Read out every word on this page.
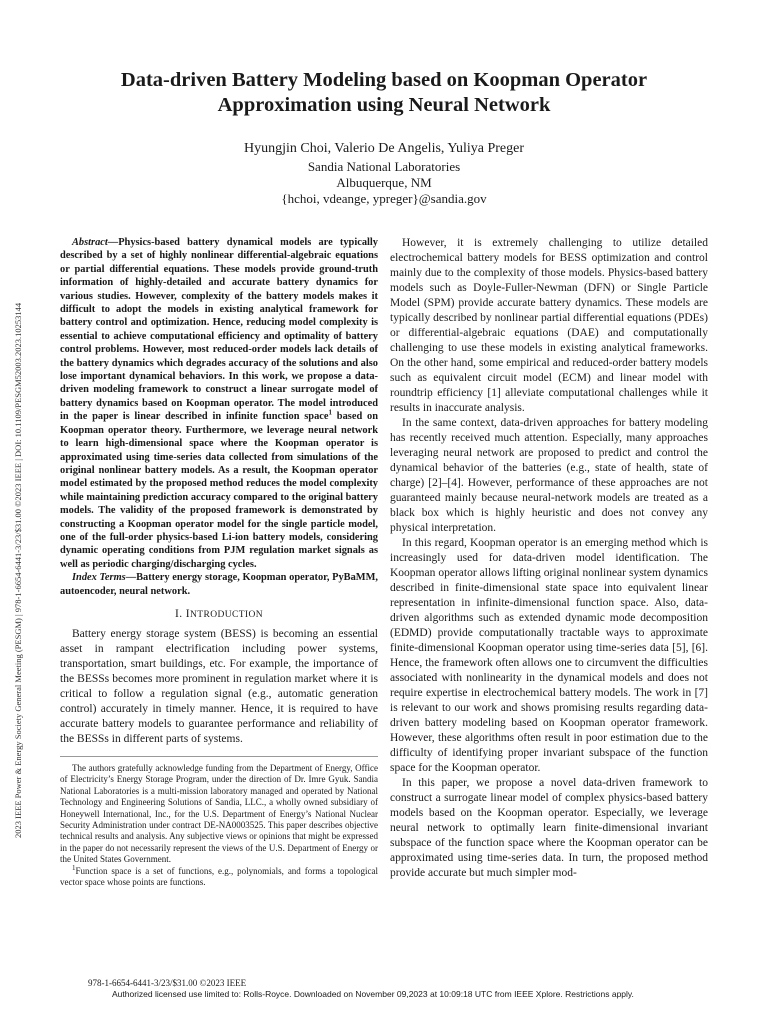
2023 IEEE Power & Energy Society General Meeting (PESGM) | 978-1-6654-6441-3/23/$31.00 ©2023 IEEE | DOI: 10.1109/PESGM52003.2023.10253144
Data-driven Battery Modeling based on Koopman Operator
Approximation using Neural Network
Hyungjin Choi, Valerio De Angelis, Yuliya Preger
Sandia National Laboratories
Albuquerque, NM
{hchoi, vdeange, ypreger}@sandia.gov

Abstract—Physics-based battery dynamical models are typically described by a set of highly nonlinear differential-algebraic equations or partial differential equations. These models provide ground-truth information of highly-detailed and accurate battery dynamics for various studies. However, complexity of the battery models makes it difficult to adopt the models in existing analytical framework for battery control and optimization. Hence, reducing model complexity is essential to achieve computational efficiency and optimality of battery control problems. However, most reduced-order models lack details of the battery dynamics which degrades accuracy of the solutions and also lose important dynamical behaviors. In this work, we propose a data-driven modeling framework to construct a linear surrogate model of battery dynamics based on Koopman operator. The model introduced in the paper is linear described in infinite function space$^1$ based on Koopman operator theory. Furthermore, we leverage neural network to learn high-dimensional space where the Koopman operator is approximated using time-series data collected from simulations of the original nonlinear battery models. As a result, the Koopman operator model estimated by the proposed method reduces the model complexity while maintaining prediction accuracy compared to the original battery models. The validity of the proposed framework is demonstrated by constructing a Koopman operator model for the single particle model, one of the full-order physics-based Li-ion battery models, considering dynamic operating conditions from PJM regulation market signals as well as periodic charging/discharging cycles.

Index Terms—Battery energy storage, Koopman operator, PyBaMM, autoencoder, neural network.

I. INTRODUCTION

Battery energy storage system (BESS) is becoming an essential asset in rampant electrification including power systems, transportation, smart buildings, etc. For example, the importance of the BESSs becomes more prominent in regulation market where it is critical to follow a regulation signal (e.g., automatic generation control) accurately in timely manner. Hence, it is required to have accurate battery models to guarantee performance and reliability of the BESSs in different parts of systems.

The authors gratefully acknowledge funding from the Department of Energy, Office of Electricity’s Energy Storage Program, under the direction of Dr. Imre Gyuk. Sandia National Laboratories is a multi-mission laboratory managed and operated by National Technology and Engineering Solutions of Sandia, LLC., a wholly owned subsidiary of Honeywell International, Inc., for the U.S. Department of Energy’s National Nuclear Security Administration under contract DE-NA0003525. This paper describes objective technical results and analysis. Any subjective views or opinions that might be expressed in the paper do not necessarily represent the views of the U.S. Department of Energy or the United States Government.

$^1$Function space is a set of functions, e.g., polynomials, and forms a topological vector space whose points are functions.

However, it is extremely challenging to utilize detailed electrochemical battery models for BESS optimization and control mainly due to the complexity of those models. Physics-based battery models such as Doyle-Fuller-Newman (DFN) or Single Particle Model (SPM) provide accurate battery dynamics. These models are typically described by nonlinear partial differential equations (PDEs) or differential-algebraic equations (DAE) and computationally challenging to use these models in existing analytical frameworks. On the other hand, some empirical and reduced-order battery models such as equivalent circuit model (ECM) and linear model with roundtrip efficiency [1] alleviate computational challenges while it results in inaccurate analysis.

In the same context, data-driven approaches for battery modeling has recently received much attention. Especially, many approaches leveraging neural network are proposed to predict and control the dynamical behavior of the batteries (e.g., state of health, state of charge) [2]–[4]. However, performance of these approaches are not guaranteed mainly because neural-network models are treated as a black box which is highly heuristic and does not convey any physical interpretation.

In this regard, Koopman operator is an emerging method which is increasingly used for data-driven model identification. The Koopman operator allows lifting original nonlinear system dynamics described in finite-dimensional state space into equivalent linear representation in infinite-dimensional function space. Also, data-driven algorithms such as extended dynamic mode decomposition (EDMD) provide computationally tractable ways to approximate finite-dimensional Koopman operator using time-series data [5], [6]. Hence, the framework often allows one to circumvent the difficulties associated with nonlinearity in the dynamical models and does not require expertise in electrochemical battery models. The work in [7] is relevant to our work and shows promising results regarding data-driven battery modeling based on Koopman operator framework. However, these algorithms often result in poor estimation due to the difficulty of identifying proper invariant subspace of the function space for the Koopman operator.

In this paper, we propose a novel data-driven framework to construct a surrogate linear model of complex physics-based battery models based on the Koopman operator. Especially, we leverage neural network to optimally learn finite-dimensional invariant subspace of the function space where the Koopman operator can be approximated using time-series data. In turn, the proposed method provide accurate but much simpler mod-

978-1-6654-6441-3/23/$31.00 ©2023 IEEE
Authorized licensed use limited to: Rolls-Royce. Downloaded on November 09,2023 at 10:09:18 UTC from IEEE Xplore. Restrictions apply.
